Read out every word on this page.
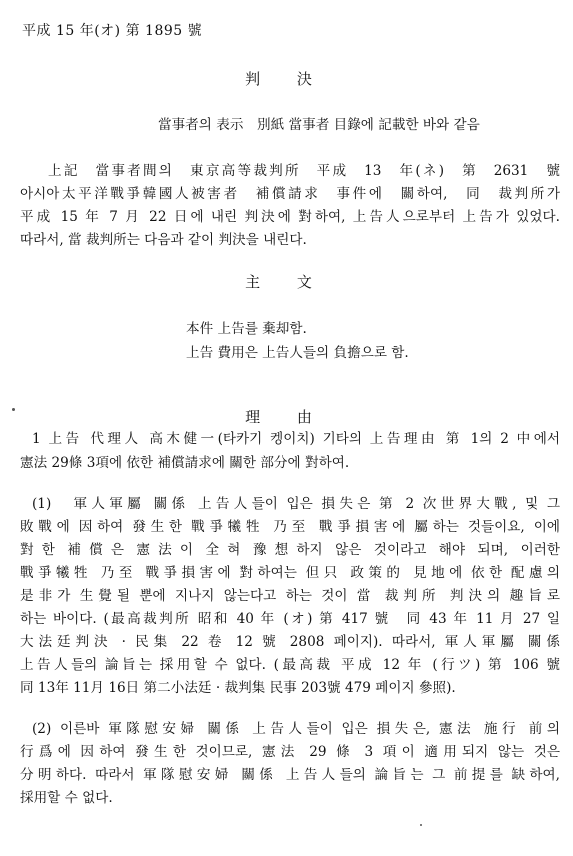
平成 15 年(オ) 第 1895 號
判 決
當事者의 表示　別紙 當事者 目錄에 記載한 바와 같음
上記　當事者間의　東京高等裁判所　平成　13　年(ネ)　第　2631　號
아시아太平洋戰爭韓國人被害者　補償請求　事件에　關하여,　同　裁判所가
平成 15 年 7 月 22 日에 내린 判決에 對하여, 上告人으로부터 上告가 있었다.
따라서, 當 裁判所는 다음과 같이 判決을 내린다.
主 文
本件 上告를 棄却함.
上告 費用은 上告人들의 負擔으로 함.
理 由
1 上告 代理人 高木健一(타카기 켕이치) 기타의 上告理由 第 1의 2 中에서
憲法 29條 3項에 依한 補償請求에 關한 部分에 對하여.
(1)　軍人軍屬 關係 上告人들이 입은 損失은 第 2 次世界大戰, 및 그
敗戰에 因하여 發生한 戰爭犧牲 乃至 戰爭損害에 屬하는 것들이요, 이에
對한 補償은 憲法이 全혀 豫想하지 않은 것이라고 해야 되며, 이러한
戰爭犧牲 乃至 戰爭損害에 對하여는 但只 政策的 見地에 依한 配慮의
是非가 生覺될 뿐에 지나지 않는다고 하는 것이 當 裁判所 判決의 趣旨로
하는 바이다. (最高裁判所 昭和 40 年 (オ) 第 417 號　同 43 年 11 月 27 일
大法廷判決 · 民集 22 卷 12 號 2808 페이지). 따라서, 軍人軍屬 關係
上告人들의 論旨는 採用할 수 없다. (最高裁 平成 12 年 (行ツ) 第 106 號
同 13年 11月 16日 第二小法廷 · 裁判集 民事 203號 479 페이지 參照).
(2) 이른바 軍隊慰安婦 關係 上告人들이 입은 損失은, 憲法 施行 前의
行爲에 因하여 發生한 것이므로, 憲法 29 條 3 項이 適用되지 않는 것은
分明하다. 따라서 軍隊慰安婦 關係 上告人들의 論旨는 그 前提를 缺하여,
採用할 수 없다.
